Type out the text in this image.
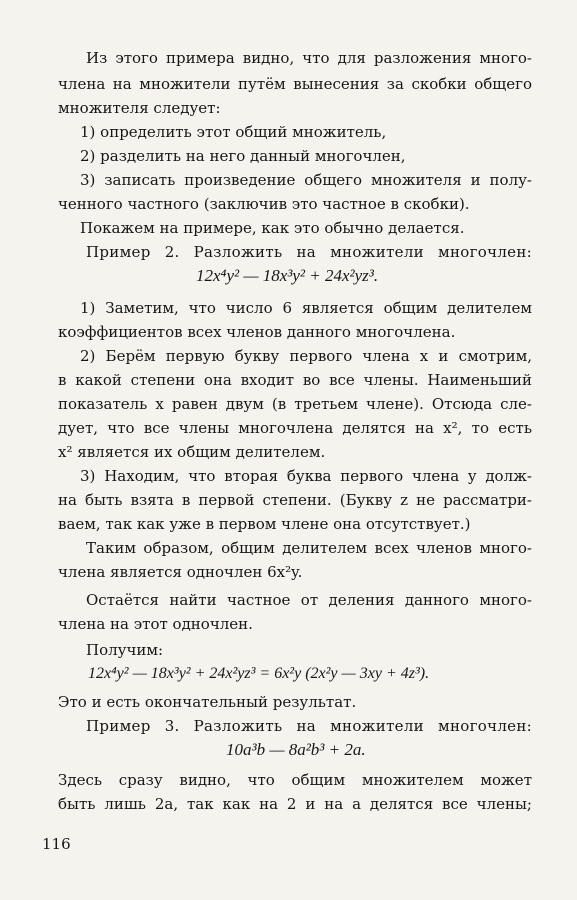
Из этого примера видно, что для разложения много-
члена на множители путём вынесения за скобки общего
множителя следует:
1) определить этот общий множитель,
2) разделить на него данный многочлен,
3) записать произведение общего множителя и полу-
ченного частного (заключив это частное в скобки).
Покажем на примере, как это обычно делается.
Пример 2. Разложить на множители многочлен:
12x⁴y² — 18x³y² + 24x²yz³.
1) Заметим, что число 6 является общим делителем
коэффициентов всех членов данного многочлена.
2) Берём первую букву первого члена x и смотрим,
в какой степени она входит во все члены. Наименьший
показатель x равен двум (в третьем члене). Отсюда сле-
дует, что все члены многочлена делятся на x², то есть
x² является их общим делителем.
3) Находим, что вторая буква первого члена y долж-
на быть взята в первой степени. (Букву z не рассматри-
ваем, так как уже в первом члене она отсутствует.)
Таким образом, общим делителем всех членов много-
члена является одночлен 6x²y.
Остаётся найти частное от деления данного много-
члена на этот одночлен.
Получим:
12x⁴y² — 18x³y² + 24x²yz³ = 6x²y (2x²y — 3xy + 4z³).
Это и есть окончательный результат.
Пример 3. Разложить на множители многочлен:
10a³b — 8a²b³ + 2a.
Здесь сразу видно, что общим множителем может
быть лишь 2a, так как на 2 и на a делятся все члены;
116
